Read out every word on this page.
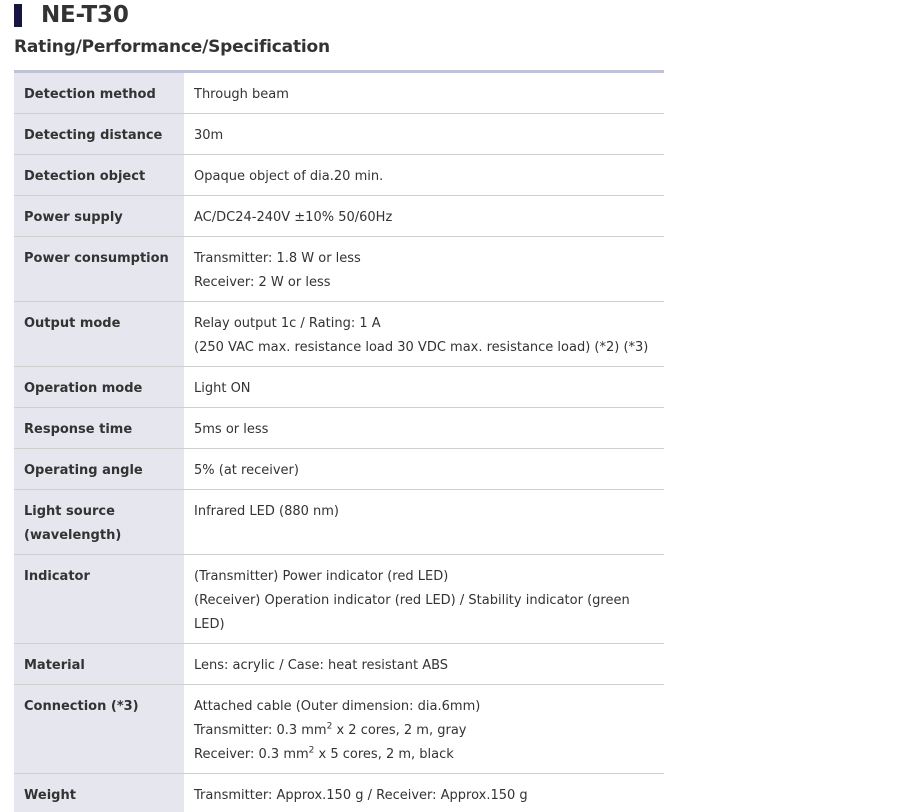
NE-T30
Rating/Performance/Specification
Detection method	Through beam

Detecting distance	30m

Detection object	Opaque object of dia.20 min.

Power supply	AC/DC24-240V ±10% 50/60Hz

Power consumption	Transmitter: 1.8 W or less
Receiver: 2 W or less

Output mode	Relay output 1c / Rating: 1 A
(250 VAC max. resistance load 30 VDC max. resistance load) (*2) (*3)

Operation mode	Light ON

Response time	5ms or less

Operating angle	5% (at receiver)

Light source
(wavelength)	Infrared LED (880 nm)

Indicator	(Transmitter) Power indicator (red LED)
(Receiver) Operation indicator (red LED) / Stability indicator (green
LED)

Material	Lens: acrylic / Case: heat resistant ABS

Connection (*3)	Attached cable (Outer dimension: dia.6mm)
Transmitter: 0.3 $mm^2$ x 2 cores, 2 m, gray
Receiver: 0.3 $mm^2$ x 5 cores, 2 m, black

Weight	Transmitter: Approx.150 g / Receiver: Approx.150 g
